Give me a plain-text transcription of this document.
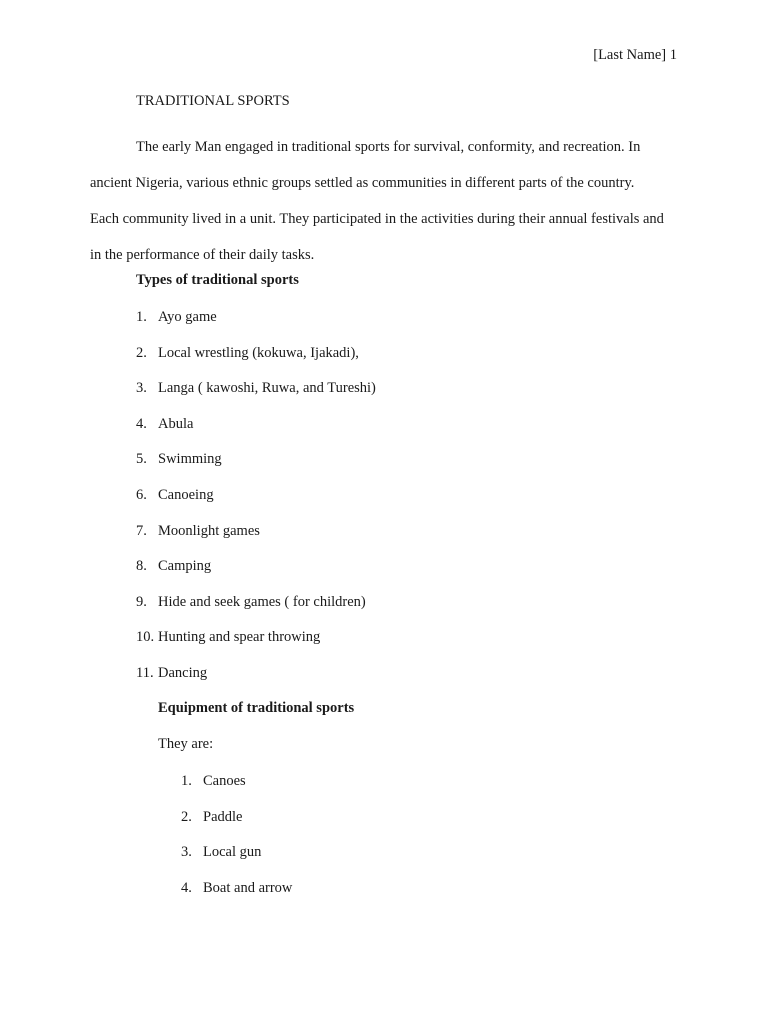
[Last Name] 1
TRADITIONAL SPORTS

The early Man engaged in traditional sports for survival, conformity, and recreation. In ancient Nigeria, various ethnic groups settled as communities in different parts of the country. Each community lived in a unit. They participated in the activities during their annual festivals and in the performance of their daily tasks.

Types of traditional sports
1. Ayo game
2. Local wrestling (kokuwa, Ijakadi),
3. Langa ( kawoshi, Ruwa, and Tureshi)
4. Abula
5. Swimming
6. Canoeing
7. Moonlight games
8. Camping
9. Hide and seek games ( for children)
10. Hunting and spear throwing
11. Dancing
Equipment of traditional sports
They are:
1. Canoes
2. Paddle
3. Local gun
4. Boat and arrow
